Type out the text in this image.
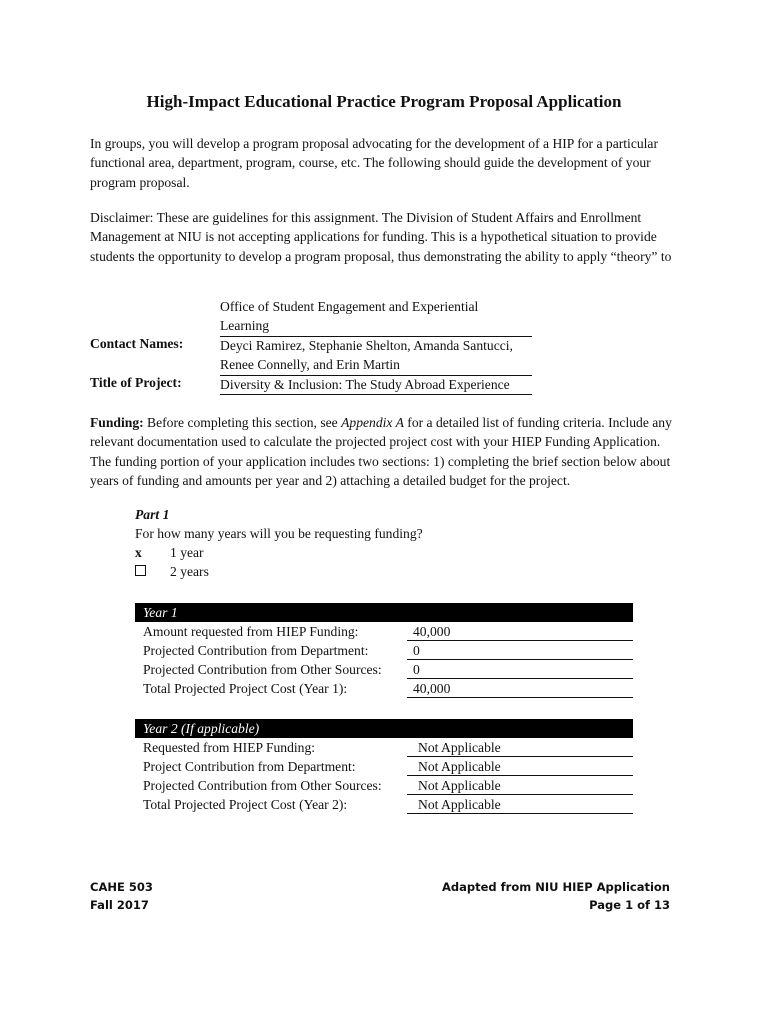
High-Impact Educational Practice Program Proposal Application
In groups, you will develop a program proposal advocating for the development of a HIP for a particular functional area, department, program, course, etc. The following should guide the development of your program proposal.
Disclaimer: These are guidelines for this assignment. The Division of Student Affairs and Enrollment Management at NIU is not accepting applications for funding. This is a hypothetical situation to provide students the opportunity to develop a program proposal, thus demonstrating the ability to apply “theory” to
Office of Student Engagement and Experiential
Learning
Contact Names:	Deyci Ramirez, Stephanie Shelton, Amanda Santucci,
Renee Connelly, and Erin Martin
Title of Project:	Diversity & Inclusion: The Study Abroad Experience
Funding: Before completing this section, see Appendix A for a detailed list of funding criteria. Include any relevant documentation used to calculate the projected project cost with your HIEP Funding Application. The funding portion of your application includes two sections: 1) completing the brief section below about years of funding and amounts per year and 2) attaching a detailed budget for the project.
Part 1
For how many years will you be requesting funding?
x 1 year
2 years
Year 1
Amount requested from HIEP Funding:	40,000
Projected Contribution from Department:	0
Projected Contribution from Other Sources: 0
Total Projected Project Cost (Year 1):	40,000
Year 2 (If applicable)
Requested from HIEP Funding:	Not Applicable
Project Contribution from Department:	Not Applicable
Projected Contribution from Other Sources:	Not Applicable
Total Projected Project Cost (Year 2):	Not Applicable
CAHE 503
Fall 2017
Adapted from NIU HIEP Application
Page 1 of 13
